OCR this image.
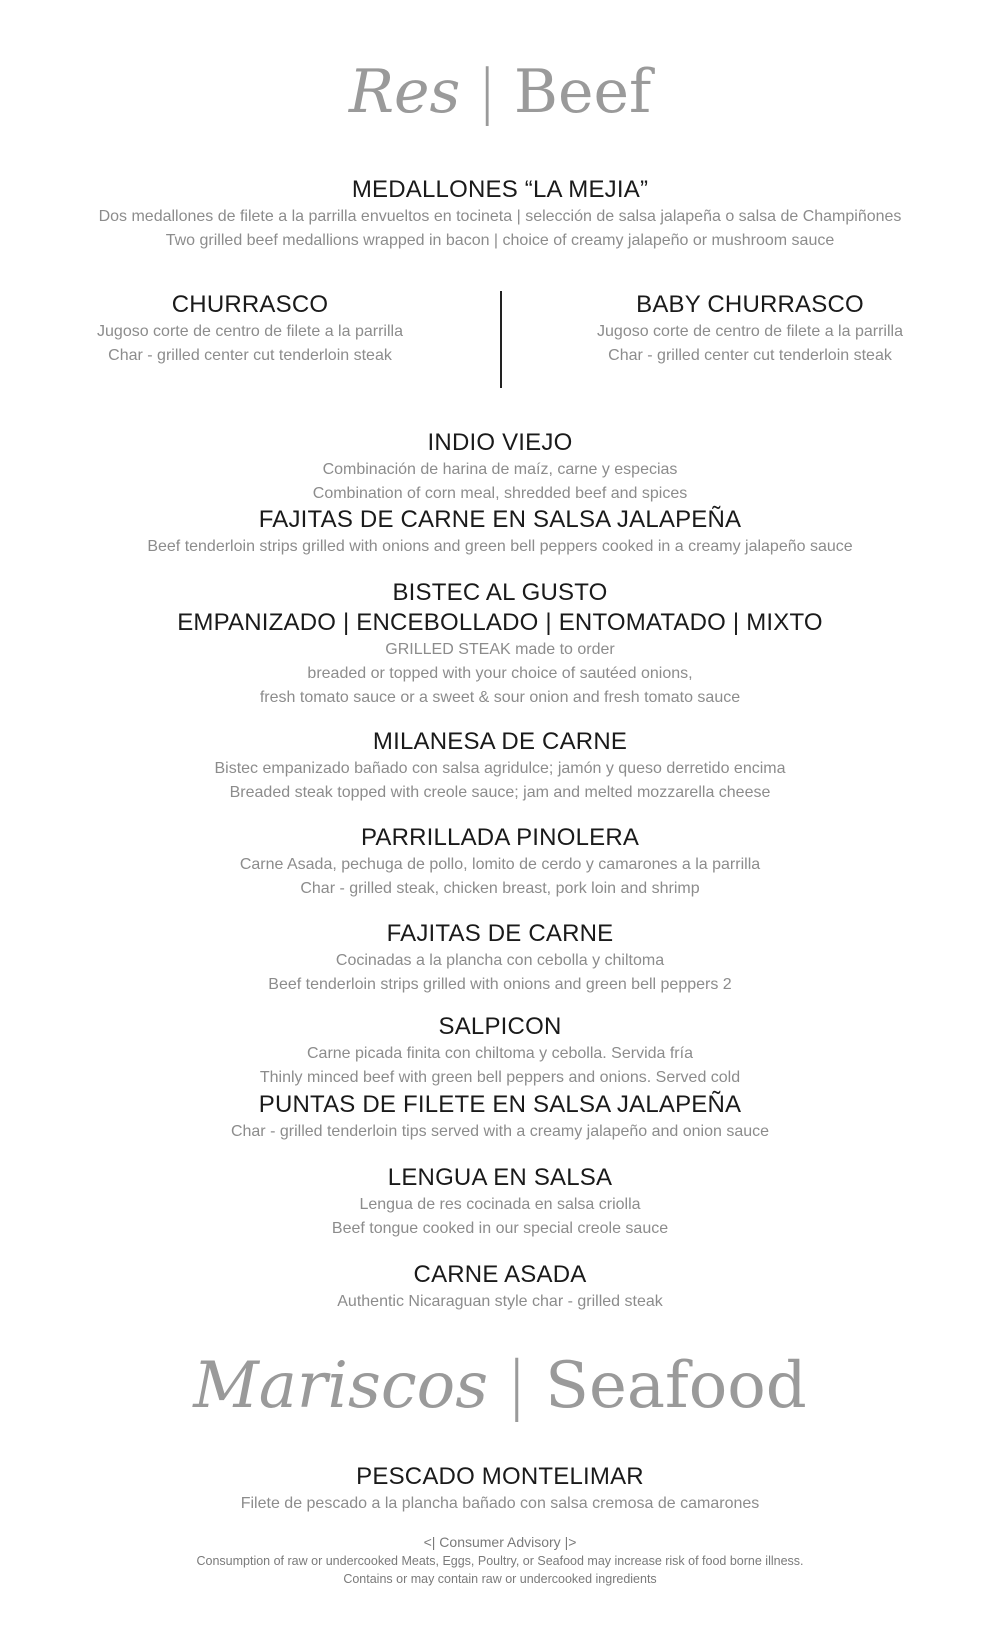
Res | Beef
MEDALLONES “LA MEJIA”
Dos medallones de filete a la parrilla envueltos en tocineta | selección de salsa jalapeña o salsa de Champiñones
Two grilled beef medallions wrapped in bacon | choice of creamy jalapeño or mushroom sauce
CHURRASCO
Jugoso corte de centro de filete a la parrilla
Char - grilled center cut tenderloin steak
BABY CHURRASCO
Jugoso corte de centro de filete a la parrilla
Char - grilled center cut tenderloin steak
INDIO VIEJO
Combinación de harina de maíz, carne y especias
Combination of corn meal, shredded beef and spices
FAJITAS DE CARNE EN SALSA JALAPEÑA
Beef tenderloin strips grilled with onions and green bell peppers cooked in a creamy jalapeño sauce
BISTEC AL GUSTO
EMPANIZADO | ENCEBOLLADO | ENTOMATADO | MIXTO
GRILLED STEAK made to order
breaded or topped with your choice of sautéed onions,
fresh tomato sauce or a sweet & sour onion and fresh tomato sauce
MILANESA DE CARNE
Bistec empanizado bañado con salsa agridulce; jamón y queso derretido encima
Breaded steak topped with creole sauce; jam and melted mozzarella cheese
PARRILLADA PINOLERA
Carne Asada, pechuga de pollo, lomito de cerdo y camarones a la parrilla
Char - grilled steak, chicken breast, pork loin and shrimp
FAJITAS DE CARNE
Cocinadas a la plancha con cebolla y chiltoma
Beef tenderloin strips grilled with onions and green bell peppers 2
SALPICON
Carne picada finita con chiltoma y cebolla. Servida fría
Thinly minced beef with green bell peppers and onions. Served cold
PUNTAS DE FILETE EN SALSA JALAPEÑA
Char - grilled tenderloin tips served with a creamy jalapeño and onion sauce
LENGUA EN SALSA
Lengua de res cocinada en salsa criolla
Beef tongue cooked in our special creole sauce
CARNE ASADA
Authentic Nicaraguan style char - grilled steak
Mariscos | Seafood
PESCADO MONTELIMAR
Filete de pescado a la plancha bañado con salsa cremosa de camarones
<| Consumer Advisory |>
Consumption of raw or undercooked Meats, Eggs, Poultry, or Seafood may increase risk of food borne illness.
Contains or may contain raw or undercooked ingredients
